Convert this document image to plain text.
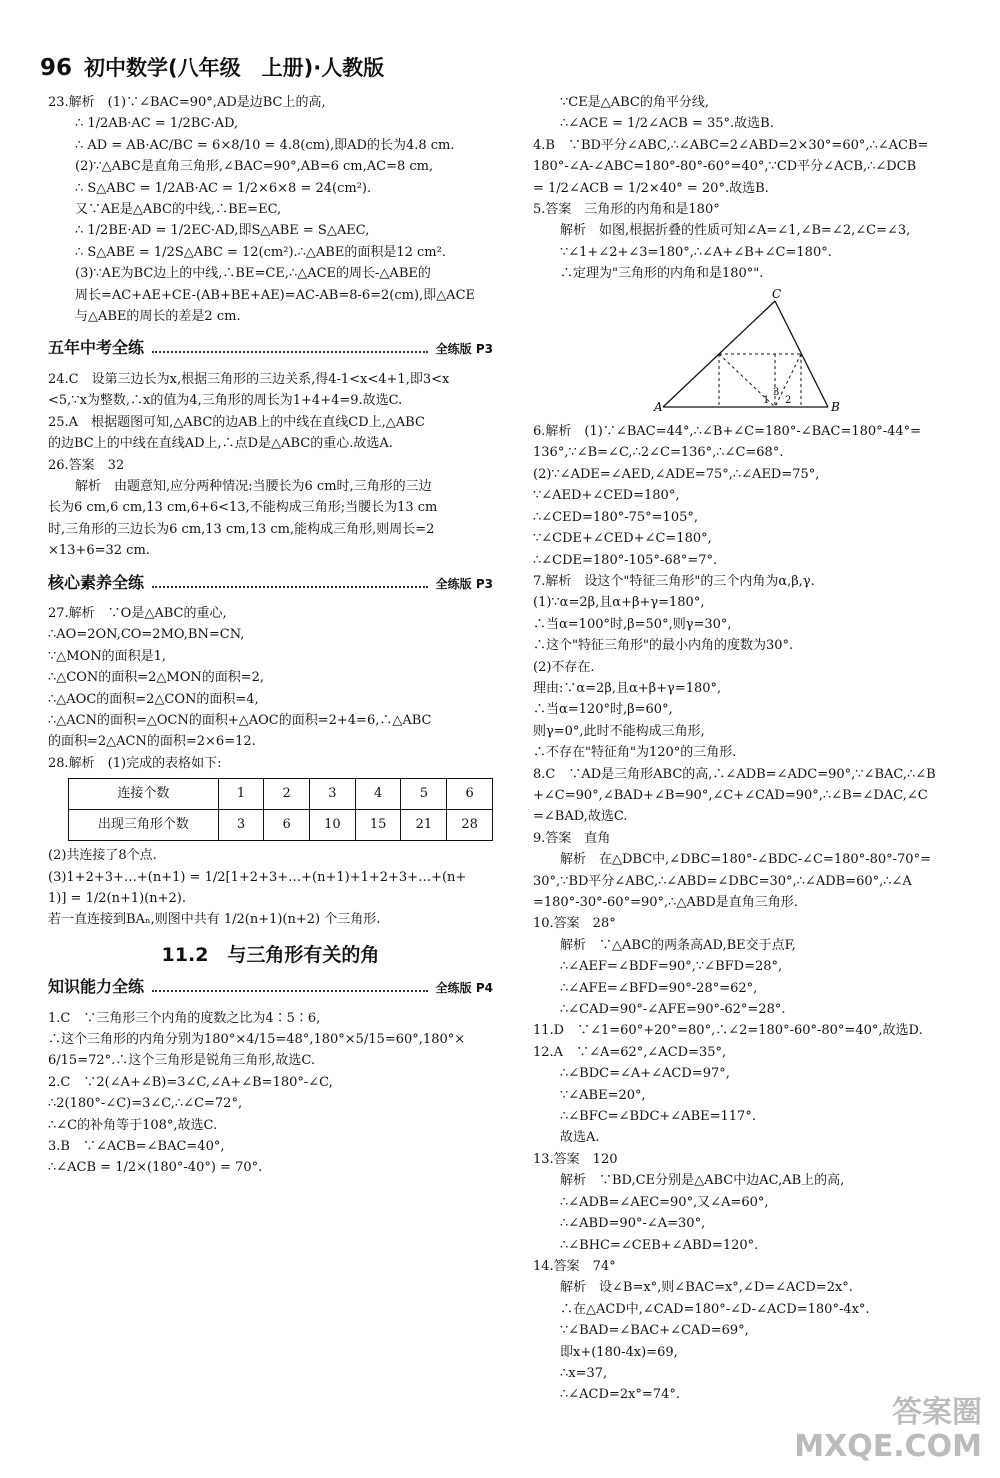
96 初中数学(八年级　上册)·人教版

23.解析　(1)∵∠BAC=90°,AD是边BC上的高,

∴ 1/2AB·AC = 1/2BC·AD,

∴ AD = AB·AC/BC = 6×8/10 = 4.8(cm),即AD的长为4.8 cm.

(2)∵△ABC是直角三角形,∠BAC=90°,AB=6 cm,AC=8 cm,

∴ S△ABC = 1/2AB·AC = 1/2×6×8 = 24(cm²).

又∵AE是△ABC的中线,∴BE=EC,

∴ 1/2BE·AD = 1/2EC·AD,即S△ABE = S△AEC,

∴ S△ABE = 1/2S△ABC = 12(cm²).∴△ABE的面积是12 cm².

(3)∵AE为BC边上的中线,∴BE=CE,∴△ACE的周长-△ABE的

周长=AC+AE+CE-(AB+BE+AE)=AC-AB=8-6=2(cm),即△ACE

与△ABE的周长的差是2 cm.

五年中考全练	全练版 P3

24.C　设第三边长为x,根据三角形的三边关系,得4-1<x<4+1,即3<x

<5,∵x为整数,∴x的值为4,三角形的周长为1+4+4=9.故选C.

25.A　根据题图可知,△ABC的边AB上的中线在直线CD上,△ABC

的边BC上的中线在直线AD上,∴点D是△ABC的重心.故选A.

26.答案　32

解析　由题意知,应分两种情况:当腰长为6 cm时,三角形的三边

长为6 cm,6 cm,13 cm,6+6<13,不能构成三角形;当腰长为13 cm

时,三角形的三边长为6 cm,13 cm,13 cm,能构成三角形,则周长=2

×13+6=32 cm.

核心素养全练	全练版 P3

27.解析　∵O是△ABC的重心,

∴AO=2ON,CO=2MO,BN=CN,

∵△MON的面积是1,

∴△CON的面积=2△MON的面积=2,

∴△AOC的面积=2△CON的面积=4,

∴△ACN的面积=△OCN的面积+△AOC的面积=2+4=6,∴△ABC

的面积=2△ACN的面积=2×6=12.

28.解析　(1)完成的表格如下:

连接个数	1	2	3	4	5	6
出现三角形个数	3	6	10	15	21	28

(2)共连接了8个点.

(3)1+2+3+…+(n+1) = 1/2[1+2+3+…+(n+1)+1+2+3+…+(n+

1)] = 1/2(n+1)(n+2).

若一直连接到BAₙ,则图中共有 1/2(n+1)(n+2) 个三角形.

11.2　与三角形有关的角
知识能力全练	全练版 P4

1.C　∵三角形三个内角的度数之比为4∶5∶6,

∴这个三角形的内角分别为180°×4/15=48°,180°×5/15=60°,180°×

6/15=72°.∴这个三角形是锐角三角形,故选C.

2.C　∵2(∠A+∠B)=3∠C,∠A+∠B=180°-∠C,

∴2(180°-∠C)=3∠C,∴∠C=72°,

∴∠C的补角等于108°,故选C.

3.B　∵∠ACB=∠BAC=40°,

∴∠ACB = 1/2×(180°-40°) = 70°.

∵CE是△ABC的角平分线,

∴∠ACE = 1/2∠ACB = 35°.故选B.

4.B　∵BD平分∠ABC,∴∠ABC=2∠ABD=2×30°=60°,∴∠ACB=

180°-∠A-∠ABC=180°-80°-60°=40°,∵CD平分∠ACB,∴∠DCB

= 1/2∠ACB = 1/2×40° = 20°.故选B.

5.答案　三角形的内角和是180°

解析　如图,根据折叠的性质可知∠A=∠1,∠B=∠2,∠C=∠3,

∵∠1+∠2+∠3=180°,∴∠A+∠B+∠C=180°.

∴定理为"三角形的内角和是180°".

A	B
C
1 2
3

6.解析　(1)∵∠BAC=44°,∴∠B+∠C=180°-∠BAC=180°-44°=

136°,∵∠B=∠C,∴2∠C=136°,∴∠C=68°.

(2)∵∠ADE=∠AED,∠ADE=75°,∴∠AED=75°,

∵∠AED+∠CED=180°,

∴∠CED=180°-75°=105°,

∵∠CDE+∠CED+∠C=180°,

∴∠CDE=180°-105°-68°=7°.

7.解析　设这个"特征三角形"的三个内角为α,β,γ.

(1)∵α=2β,且α+β+γ=180°,

∴当α=100°时,β=50°,则γ=30°,

∴这个"特征三角形"的最小内角的度数为30°.

(2)不存在.

理由:∵α=2β,且α+β+γ=180°,

∴当α=120°时,β=60°,

则γ=0°,此时不能构成三角形,

∴不存在"特征角"为120°的三角形.

8.C　∵AD是三角形ABC的高,∴∠ADB=∠ADC=90°,∵∠BAC,∴∠B

+∠C=90°,∠BAD+∠B=90°,∠C+∠CAD=90°,∴∠B=∠DAC,∠C

=∠BAD,故选C.

9.答案　直角

解析　在△DBC中,∠DBC=180°-∠BDC-∠C=180°-80°-70°=

30°,∵BD平分∠ABC,∴∠ABD=∠DBC=30°,∴∠ADB=60°,∴∠A

=180°-30°-60°=90°,∴△ABD是直角三角形.

10.答案　28°

解析　∵△ABC的两条高AD,BE交于点F,

∴∠AEF=∠BDF=90°,∵∠BFD=28°,

∴∠AFE=∠BFD=90°-28°=62°,

∴∠CAD=90°-∠AFE=90°-62°=28°.

11.D　∵∠1=60°+20°=80°,∴∠2=180°-60°-80°=40°,故选D.

12.A　∵∠A=62°,∠ACD=35°,

∴∠BDC=∠A+∠ACD=97°,

∵∠ABE=20°,

∴∠BFC=∠BDC+∠ABE=117°.

故选A.

13.答案　120

解析　∵BD,CE分别是△ABC中边AC,AB上的高,

∴∠ADB=∠AEC=90°,又∠A=60°,

∴∠ABD=90°-∠A=30°,

∴∠BHC=∠CEB+∠ABD=120°.

14.答案　74°

解析　设∠B=x°,则∠BAC=x°,∠D=∠ACD=2x°.

∴在△ACD中,∠CAD=180°-∠D-∠ACD=180°-4x°.

∵∠BAD=∠BAC+∠CAD=69°,

即x+(180-4x)=69,

∴x=37,

∴∠ACD=2x°=74°.

答案圈
MXQE.COM
